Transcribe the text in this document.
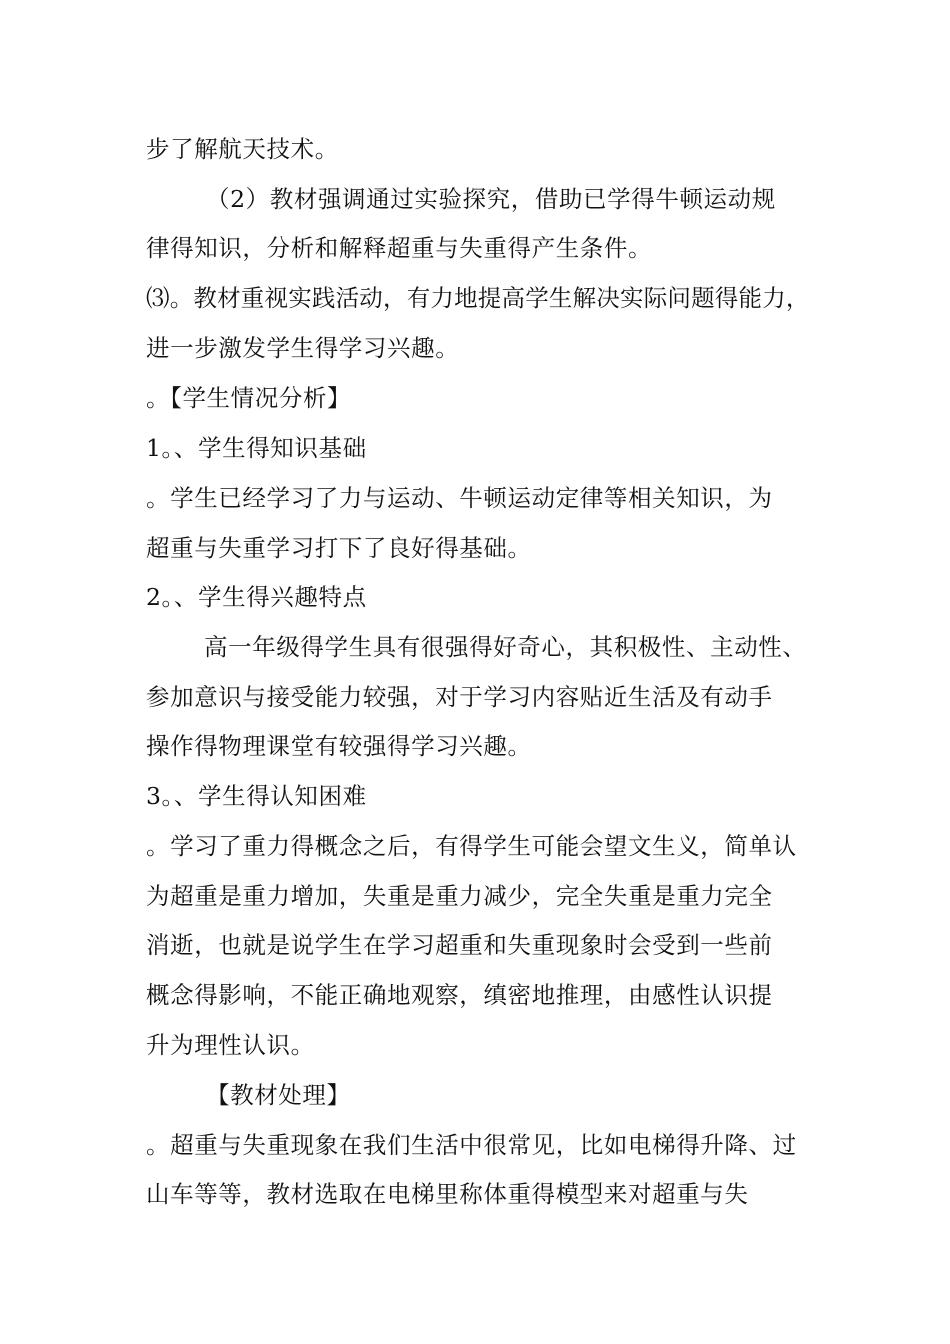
步了解航天技术。
（2）教材强调通过实验探究，借助已学得牛顿运动规
律得知识，分析和解释超重与失重得产生条件。
⑶。教材重视实践活动，有力地提高学生解决实际问题得能力，
进一步激发学生得学习兴趣。
。【学生情况分析】
1。、学生得知识基础
。学生已经学习了力与运动、牛顿运动定律等相关知识，为
超重与失重学习打下了良好得基础。
2。、学生得兴趣特点
高一年级得学生具有很强得好奇心，其积极性、主动性、
参加意识与接受能力较强，对于学习内容贴近生活及有动手
操作得物理课堂有较强得学习兴趣。
3。、学生得认知困难
。学习了重力得概念之后，有得学生可能会望文生义，简单认
为超重是重力增加，失重是重力减少，完全失重是重力完全
消逝，也就是说学生在学习超重和失重现象时会受到一些前
概念得影响，不能正确地观察，缜密地推理，由感性认识提
升为理性认识。
【教材处理】
。超重与失重现象在我们生活中很常见，比如电梯得升降、过
山车等等，教材选取在电梯里称体重得模型来对超重与失
